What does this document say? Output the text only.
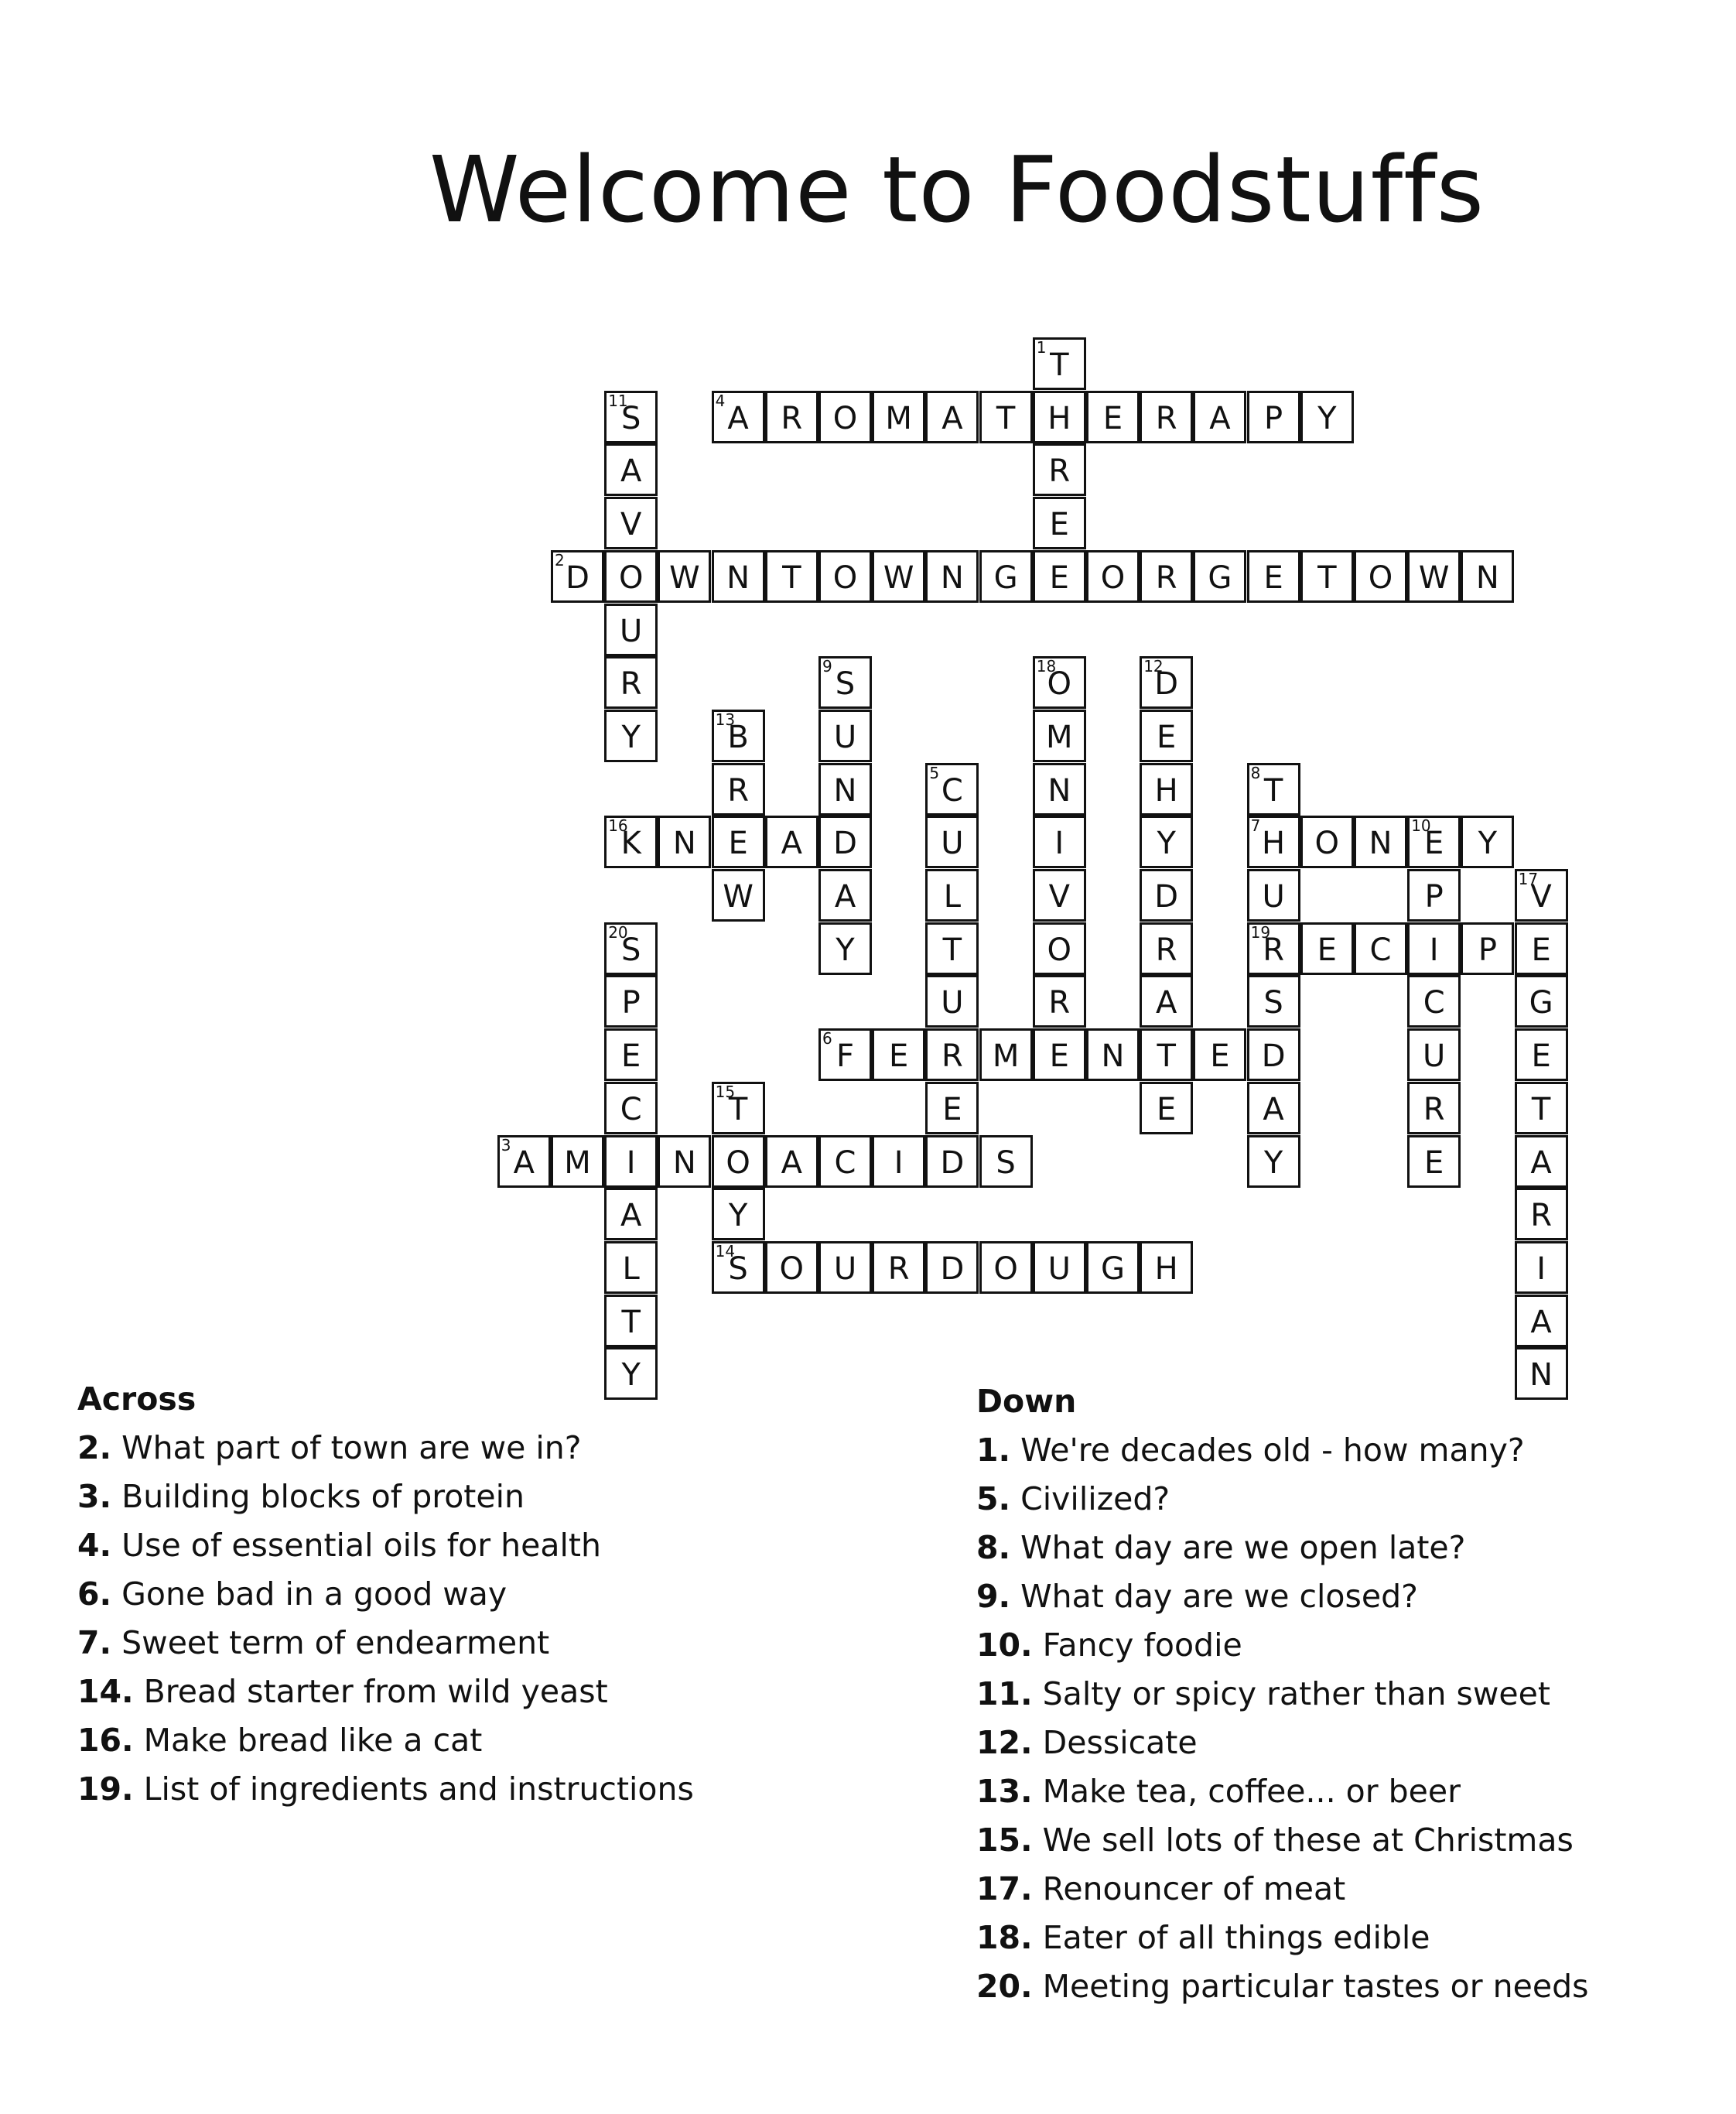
Welcome to Foodstuffs
4 A	R O M A	T	H	E	R	A	P	Y
2 D O W N	T	O W N G	E	O R G	E	T	O W N
16
K	N	E	A	D	7 H O N	10
E	Y
19
R	E	C	I	P	E
6 F	E	R M E	N	T	E	D
3 A M	I	N O A	C	I	D	S
14
S	O U	R D O U G H
1 T
R
E
11
S
A
V
U
R
Y
9 S
U
N
A
Y
18
O
M
N
I
V
O
R
12
D
E
H
Y
D
R
A
E
13
B
R
W
5 C
U
L
T
U
E
8 T
U
S
A
Y
P
C
U
R
E
17
V
G
E
T
A
R
I
A
N
20
S
P
E
C
A
L
T
Y
15
T
Y
Across
2. What part of town are we in?
3. Building blocks of protein
4. Use of essential oils for health
6. Gone bad in a good way
7. Sweet term of endearment
14. Bread starter from wild yeast
16. Make bread like a cat
19. List of ingredients and instructions
Down
1. We're decades old - how many?
5. Civilized?
8. What day are we open late?
9. What day are we closed?
10. Fancy foodie
11. Salty or spicy rather than sweet
12. Dessicate
13. Make tea, coffee... or beer
15. We sell lots of these at Christmas
17. Renouncer of meat
18. Eater of all things edible
20. Meeting particular tastes or needs
